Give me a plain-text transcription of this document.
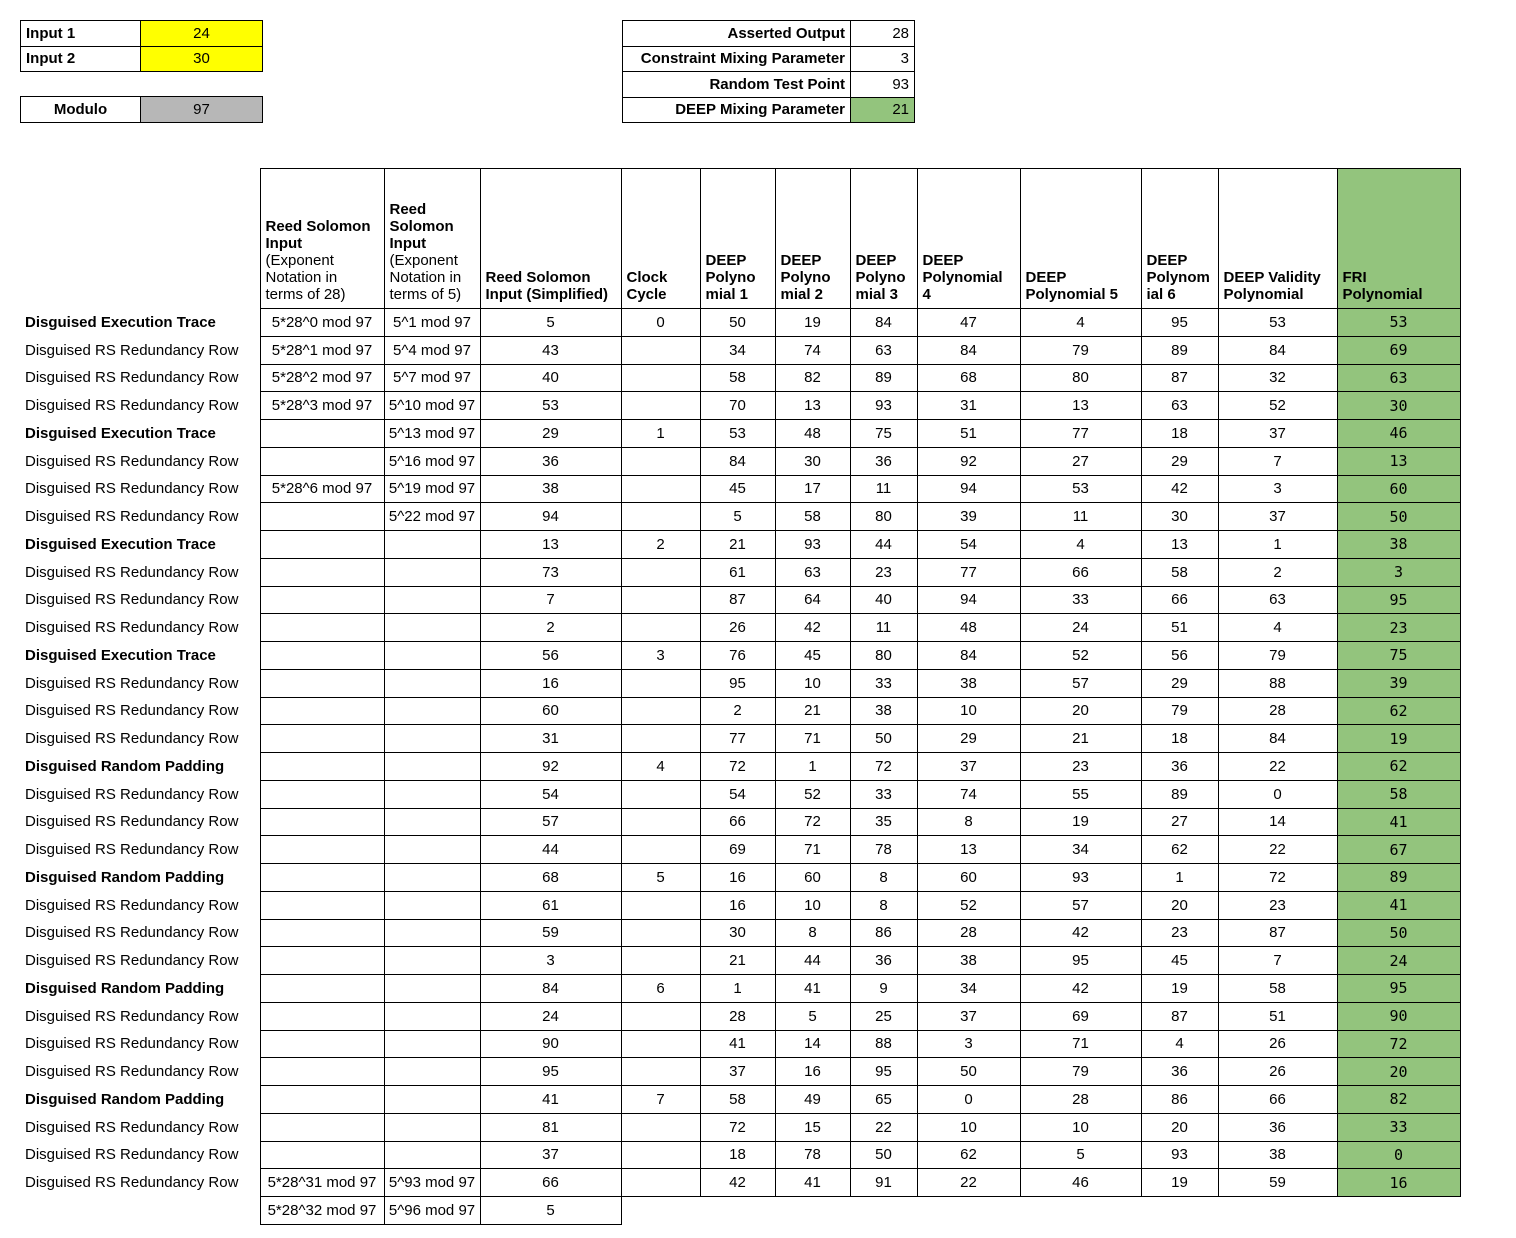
Input 1	24
Input 2	30
Modulo	97
Asserted Output	28
Constraint Mixing Parameter	3
Random Test Point	93
DEEP Mixing Parameter	21

Reed Solomon
Input
(Exponent
Notation in
terms of 28)

Reed
Solomon
Input
(Exponent
Notation in
terms of 5)

Reed Solomon
Input (Simplified)

Clock
Cycle

DEEP
Polyno
mial 1

DEEP
Polyno
mial 2

DEEP
Polyno
mial 3

DEEP
Polynomial
4

DEEP
Polynomial 5

DEEP
Polynom
ial 6

DEEP Validity
Polynomial

FRI
Polynomial

Disguised Execution Trace	5*28^0 mod 97	5^1 mod 97	5	0	50	19	84	47	4	95	53	53	
Disguised RS Redundancy Row	5*28^1 mod 97	5^4 mod 97	43		34	74	63	84	79	89	84	69	
Disguised RS Redundancy Row	5*28^2 mod 97	5^7 mod 97	40		58	82	89	68	80	87	32	63	
Disguised RS Redundancy Row	5*28^3 mod 97	5^10 mod 97	53		70	13	93	31	13	63	52	30	
Disguised Execution Trace		5^13 mod 97	29	1	53	48	75	51	77	18	37	46	
Disguised RS Redundancy Row		5^16 mod 97	36		84	30	36	92	27	29	7	13	
Disguised RS Redundancy Row	5*28^6 mod 97	5^19 mod 97	38		45	17	11	94	53	42	3	60	
Disguised RS Redundancy Row		5^22 mod 97	94		5	58	80	39	11	30	37	50	
Disguised Execution Trace			13	2	21	93	44	54	4	13	1	38	
Disguised RS Redundancy Row			73		61	63	23	77	66	58	2	3	
Disguised RS Redundancy Row			7		87	64	40	94	33	66	63	95	
Disguised RS Redundancy Row			2		26	42	11	48	24	51	4	23	
Disguised Execution Trace			56	3	76	45	80	84	52	56	79	75	
Disguised RS Redundancy Row			16		95	10	33	38	57	29	88	39	
Disguised RS Redundancy Row			60		2	21	38	10	20	79	28	62	
Disguised RS Redundancy Row			31		77	71	50	29	21	18	84	19	
Disguised Random Padding			92	4	72	1	72	37	23	36	22	62	
Disguised RS Redundancy Row			54		54	52	33	74	55	89	0	58	
Disguised RS Redundancy Row			57		66	72	35	8	19	27	14	41	
Disguised RS Redundancy Row			44		69	71	78	13	34	62	22	67	
Disguised Random Padding			68	5	16	60	8	60	93	1	72	89	
Disguised RS Redundancy Row			61		16	10	8	52	57	20	23	41	
Disguised RS Redundancy Row			59		30	8	86	28	42	23	87	50	
Disguised RS Redundancy Row			3		21	44	36	38	95	45	7	24	
Disguised Random Padding			84	6	1	41	9	34	42	19	58	95	
Disguised RS Redundancy Row			24		28	5	25	37	69	87	51	90	
Disguised RS Redundancy Row			90		41	14	88	3	71	4	26	72	
Disguised RS Redundancy Row			95		37	16	95	50	79	36	26	20	
Disguised Random Padding			41	7	58	49	65	0	28	86	66	82	
Disguised RS Redundancy Row			81		72	15	22	10	10	20	36	33	
Disguised RS Redundancy Row			37		18	78	50	62	5	93	38	0	
Disguised RS Redundancy Row	5*28^31 mod 97	5^93 mod 97	66		42	41	91	22	46	19	59	16	
	5*28^32 mod 97	5^96 mod 97	5										
